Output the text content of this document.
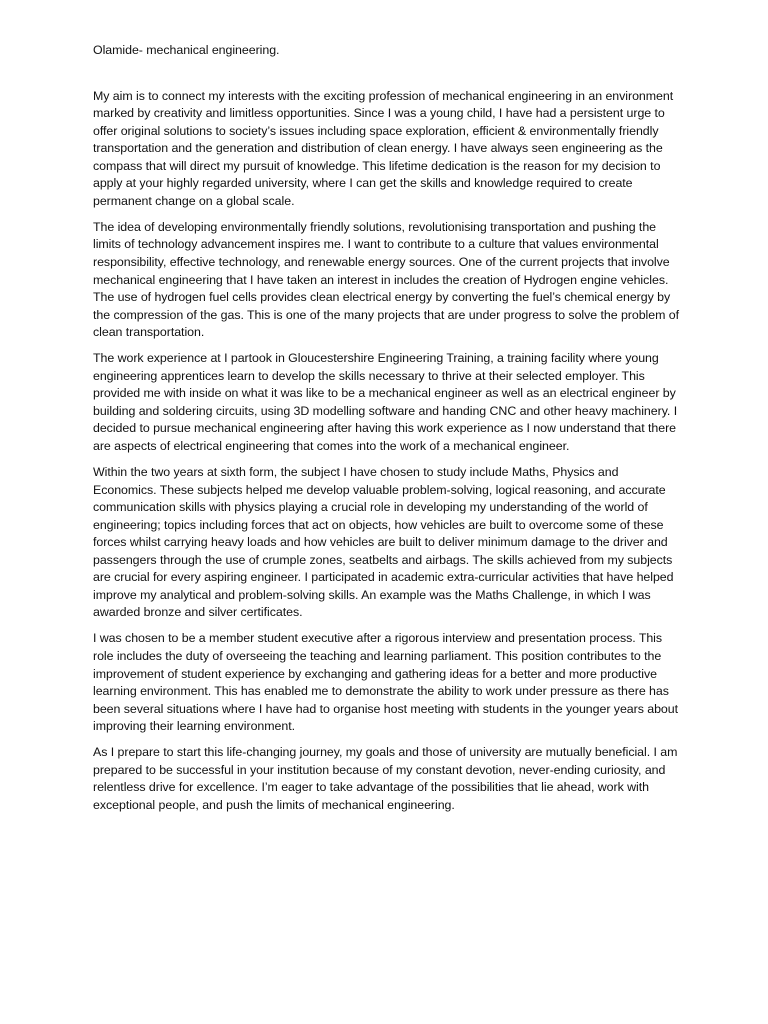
Olamide- mechanical engineering.

My aim is to connect my interests with the exciting profession of mechanical engineering in an environment marked by creativity and limitless opportunities. Since I was a young child, I have had a persistent urge to offer original solutions to society’s issues including space exploration, efficient & environmentally friendly transportation and the generation and distribution of clean energy. I have always seen engineering as the compass that will direct my pursuit of knowledge. This lifetime dedication is the reason for my decision to apply at your highly regarded university, where I can get the skills and knowledge required to create permanent change on a global scale.

The idea of developing environmentally friendly solutions, revolutionising transportation and pushing the limits of technology advancement inspires me. I want to contribute to a culture that values environmental responsibility, effective technology, and renewable energy sources. One of the current projects that involve mechanical engineering that I have taken an interest in includes the creation of Hydrogen engine vehicles. The use of hydrogen fuel cells provides clean electrical energy by converting the fuel’s chemical energy by the compression of the gas. This is one of the many projects that are under progress to solve the problem of clean transportation.

The work experience at I partook in Gloucestershire Engineering Training, a training facility where young engineering apprentices learn to develop the skills necessary to thrive at their selected employer. This provided me with inside on what it was like to be a mechanical engineer as well as an electrical engineer by building and soldering circuits, using 3D modelling software and handing CNC and other heavy machinery. I decided to pursue mechanical engineering after having this work experience as I now understand that there are aspects of electrical engineering that comes into the work of a mechanical engineer.

Within the two years at sixth form, the subject I have chosen to study include Maths, Physics and Economics. These subjects helped me develop valuable problem-solving, logical reasoning, and accurate communication skills with physics playing a crucial role in developing my understanding of the world of engineering; topics including forces that act on objects, how vehicles are built to overcome some of these forces whilst carrying heavy loads and how vehicles are built to deliver minimum damage to the driver and passengers through the use of crumple zones, seatbelts and airbags. The skills achieved from my subjects are crucial for every aspiring engineer. I participated in academic extra-curricular activities that have helped improve my analytical and problem-solving skills. An example was the Maths Challenge, in which I was awarded bronze and silver certificates.

I was chosen to be a member student executive after a rigorous interview and presentation process. This role includes the duty of overseeing the teaching and learning parliament. This position contributes to the improvement of student experience by exchanging and gathering ideas for a better and more productive learning environment. This has enabled me to demonstrate the ability to work under pressure as there has been several situations where I have had to organise host meeting with students in the younger years about improving their learning environment.

As I prepare to start this life-changing journey, my goals and those of university are mutually beneficial. I am prepared to be successful in your institution because of my constant devotion, never-ending curiosity, and relentless drive for excellence. I’m eager to take advantage of the possibilities that lie ahead, work with exceptional people, and push the limits of mechanical engineering.
